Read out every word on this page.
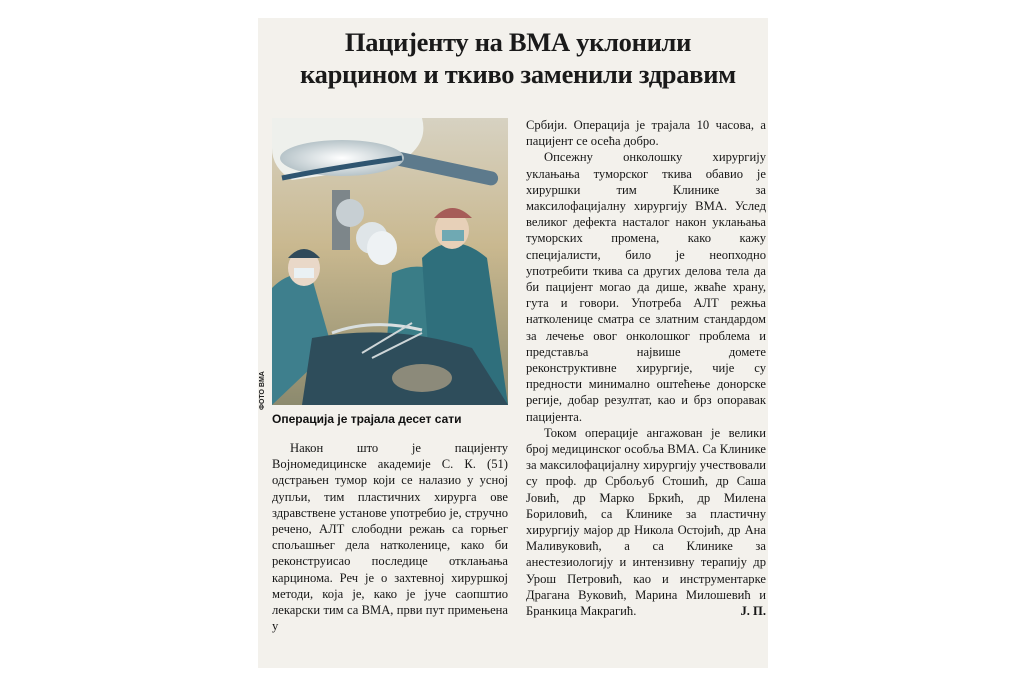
Пацијенту на ВМА уклонили
карцином и ткиво заменили здравим
ФОТО ВМА
Операција је трајала десет сати

Након што је пацијенту Војномедицинске академије С. К. (51) одстрањен тумор који се налазио у усној дупљи, тим пластичних хирурга ове здравствене установе употребио је, стручно речено, АЛТ слободни режањ са горњег спољашњег дела натколенице, како би реконструисао последице отклањања карцинома. Реч је о захтевној хируршкој методи, која је, како је јуче саопштио лекарски тим са ВМА, први пут примењена у

Србији. Операција је трајала 10 часова, а пацијент се осећа добро.

Опсежну онколошку хирургију уклањања туморског ткива обавио је хируршки тим Клинике за максилофацијалну хирургију ВМА. Услед великог дефекта насталог након уклањања туморских промена, како кажу специјалисти, било је неопходно употребити ткива са других делова тела да би пацијент могао да дише, жваће храну, гута и говори. Употреба АЛТ режња натколенице сматра се златним стандардом за лечење овог онколошког проблема и представља највише домете реконструктивне хирургије, чије су предности минимално оштећење донорске регије, добар резултат, као и брз опоравак пацијента.

Током операције ангажован је велики број медицинског особља ВМА. Са Клинике за максилофацијалну хирургију учествовали су проф. др Србољуб Стошић, др Саша Јовић, др Марко Бркић, др Милена Бориловић, са Клинике за пластичну хирургију мајор др Никола Остојић, др Ана Маливуковић, а са Клинике за анестезиологију и интензивну терапију др Урош Петровић, као и инструментарке Драгана Вуковић, Марина Милошевић и Бранкица Макрагић.	Ј. П.
